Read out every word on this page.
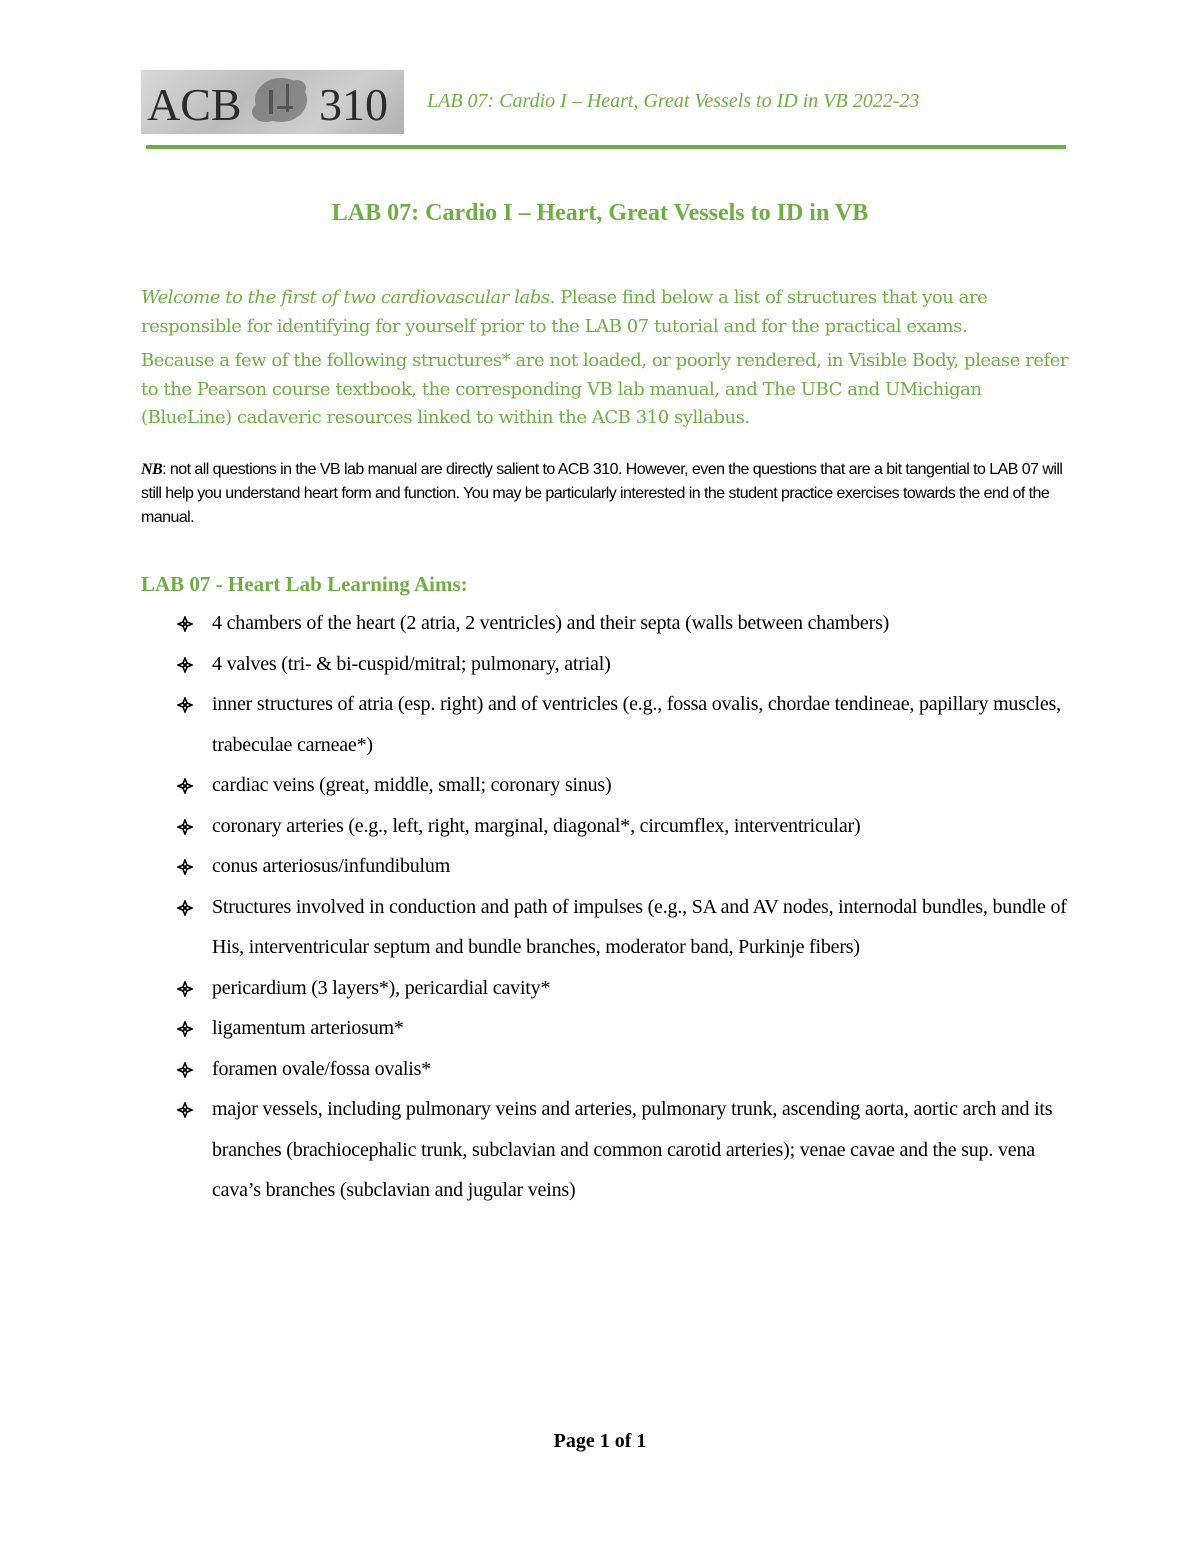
ACB 310 LAB 07: Cardio I – Heart, Great Vessels to ID in VB 2022-23
LAB 07: Cardio I – Heart, Great Vessels to ID in VB

Welcome to the first of two cardiovascular labs. Please find below a list of structures that you are responsible for identifying for yourself prior to the LAB 07 tutorial and for the practical exams.

Because a few of the following structures* are not loaded, or poorly rendered, in Visible Body, please refer to the Pearson course textbook, the corresponding VB lab manual, and The UBC and UMichigan (BlueLine) cadaveric resources linked to within the ACB 310 syllabus.

NB: not all questions in the VB lab manual are directly salient to ACB 310. However, even the questions that are a bit tangential to LAB 07 will still help you understand heart form and function. You may be particularly interested in the student practice exercises towards the end of the manual.
LAB 07 - Heart Lab Learning Aims:
4 chambers of the heart (2 atria, 2 ventricles) and their septa (walls between chambers)
4 valves (tri- & bi-cuspid/mitral; pulmonary, atrial)
inner structures of atria (esp. right) and of ventricles (e.g., fossa ovalis, chordae tendineae, papillary muscles, trabeculae carneae*)
cardiac veins (great, middle, small; coronary sinus)
coronary arteries (e.g., left, right, marginal, diagonal*, circumflex, interventricular)
conus arteriosus/infundibulum
Structures involved in conduction and path of impulses (e.g., SA and AV nodes, internodal bundles, bundle of His, interventricular septum and bundle branches, moderator band, Purkinje fibers)
pericardium (3 layers*), pericardial cavity*
ligamentum arteriosum*
foramen ovale/fossa ovalis*
major vessels, including pulmonary veins and arteries, pulmonary trunk, ascending aorta, aortic arch and its branches (brachiocephalic trunk, subclavian and common carotid arteries); venae cavae and the sup. vena cava’s branches (subclavian and jugular veins)
Page 1 of 1
